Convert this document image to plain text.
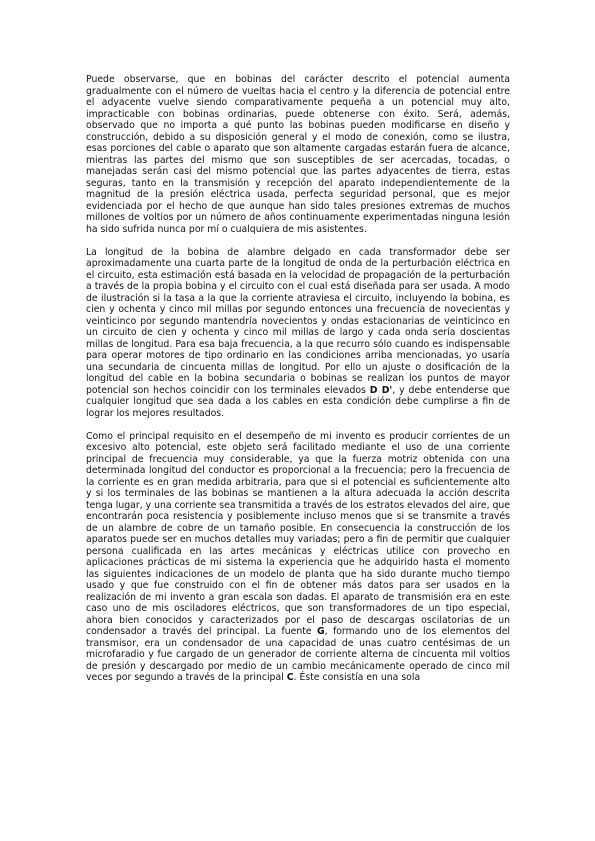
Puede observarse, que en bobinas del carácter descrito el potencial aumenta gradualmente con el número de vueltas hacia el centro y la diferencia de potencial entre el adyacente vuelve siendo comparativamente pequeña a un potencial muy alto, impracticable con bobinas ordinarias, puede obtenerse con éxito. Será, además, observado que no importa a qué punto las bobinas pueden modificarse en diseño y construcción, debido a su disposición general y el modo de conexión, como se ilustra, esas porciones del cable o aparato que son altamente cargadas estarán fuera de alcance, mientras las partes del mismo que son susceptibles de ser acercadas, tocadas, o manejadas serán casi del mismo potencial que las partes adyacentes de tierra, estas seguras, tanto en la transmisión y recepción del aparato independientemente de la magnitud de la presión eléctrica usada, perfecta seguridad personal, que es mejor evidenciada por el hecho de que aunque han sido tales presiones extremas de muchos millones de voltios por un número de años continuamente experimentadas ninguna lesión ha sido sufrida nunca por mí o cualquiera de mis asistentes.

La longitud de la bobina de alambre delgado en cada transformador debe ser aproximadamente una cuarta parte de la longitud de onda de la perturbación eléctrica en el circuito, esta estimación está basada en la velocidad de propagación de la perturbación a través de la propia bobina y el circuito con el cual está diseñada para ser usada. A modo de ilustración si la tasa a la que la corriente atraviesa el circuito, incluyendo la bobina, es cien y ochenta y cinco mil millas por segundo entonces una frecuencia de novecientas y veinticinco por segundo mantendría novecientos y ondas estacionarias de veinticinco en un circuito de cien y ochenta y cinco mil millas de largo y cada onda sería doscientas millas de longitud. Para esa baja frecuencia, a la que recurro sólo cuando es indispensable para operar motores de tipo ordinario en las condiciones arriba mencionadas, yo usaría una secundaria de cincuenta millas de longitud. Por ello un ajuste o dosificación de la longitud del cable en la bobina secundaria o bobinas se realizan los puntos de mayor potencial son hechos coincidir con los terminales elevados D D', y debe entenderse que cualquier longitud que sea dada a los cables en esta condición debe cumplirse a fin de lograr los mejores resultados.

Como el principal requisito en el desempeño de mi invento es producir corrientes de un excesivo alto potencial, este objeto será facilitado mediante el uso de una corriente principal de frecuencia muy considerable, ya que la fuerza motriz obtenida con una determinada longitud del conductor es proporcional a la frecuencia; pero la frecuencia de la corriente es en gran medida arbitraria, para que si el potencial es suficientemente alto y si los terminales de las bobinas se mantienen a la altura adecuada la acción descrita tenga lugar, y una corriente sea transmitida a través de los estratos elevados del aire, que encontrarán poca resistencia y posiblemente incluso menos que si se transmite a través de un alambre de cobre de un tamaño posible. En consecuencia la construcción de los aparatos puede ser en muchos detalles muy variadas; pero a fin de permitir que cualquier persona cualificada en las artes mecánicas y eléctricas utilice con provecho en aplicaciones prácticas de mi sistema la experiencia que he adquirido hasta el momento las siguientes indicaciones de un modelo de planta que ha sido durante mucho tiempo usado y que fue construido con el fin de obtener más datos para ser usados en la realización de mi invento a gran escala son dadas. El aparato de transmisión era en este caso uno de mis osciladores eléctricos, que son transformadores de un tipo especial, ahora bien conocidos y caracterizados por el paso de descargas oscilatorias de un condensador a través del principal. La fuente G, formando uno de los elementos del transmisor, era un condensador de una capacidad de unas cuatro centésimas de un microfaradio y fue cargado de un generador de corriente alterna de cincuenta mil voltios de presión y descargado por medio de un cambio mecánicamente operado de cinco mil veces por segundo a través de la principal C. Éste consistía en una sola
